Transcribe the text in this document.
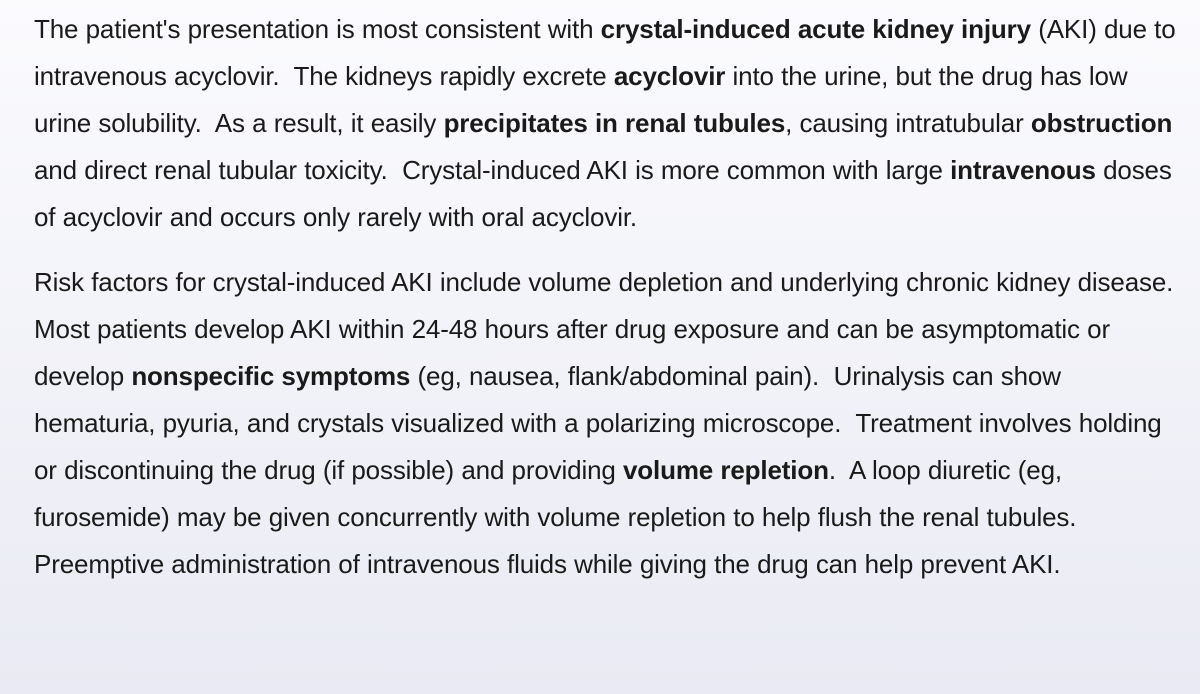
The patient's presentation is most consistent with crystal-induced acute kidney injury (AKI) due to intravenous acyclovir.  The kidneys rapidly excrete acyclovir into the urine, but the drug has low urine solubility.  As a result, it easily precipitates in renal tubules, causing intratubular obstruction and direct renal tubular toxicity.  Crystal-induced AKI is more common with large intravenous doses of acyclovir and occurs only rarely with oral acyclovir.

Risk factors for crystal-induced AKI include volume depletion and underlying chronic kidney disease.  Most patients develop AKI within 24-48 hours after drug exposure and can be asymptomatic or develop nonspecific symptoms (eg, nausea, flank/abdominal pain).  Urinalysis can show hematuria, pyuria, and crystals visualized with a polarizing microscope.  Treatment involves holding or discontinuing the drug (if possible) and providing volume repletion.  A loop diuretic (eg, furosemide) may be given concurrently with volume repletion to help flush the renal tubules.  Preemptive administration of intravenous fluids while giving the drug can help prevent AKI.
